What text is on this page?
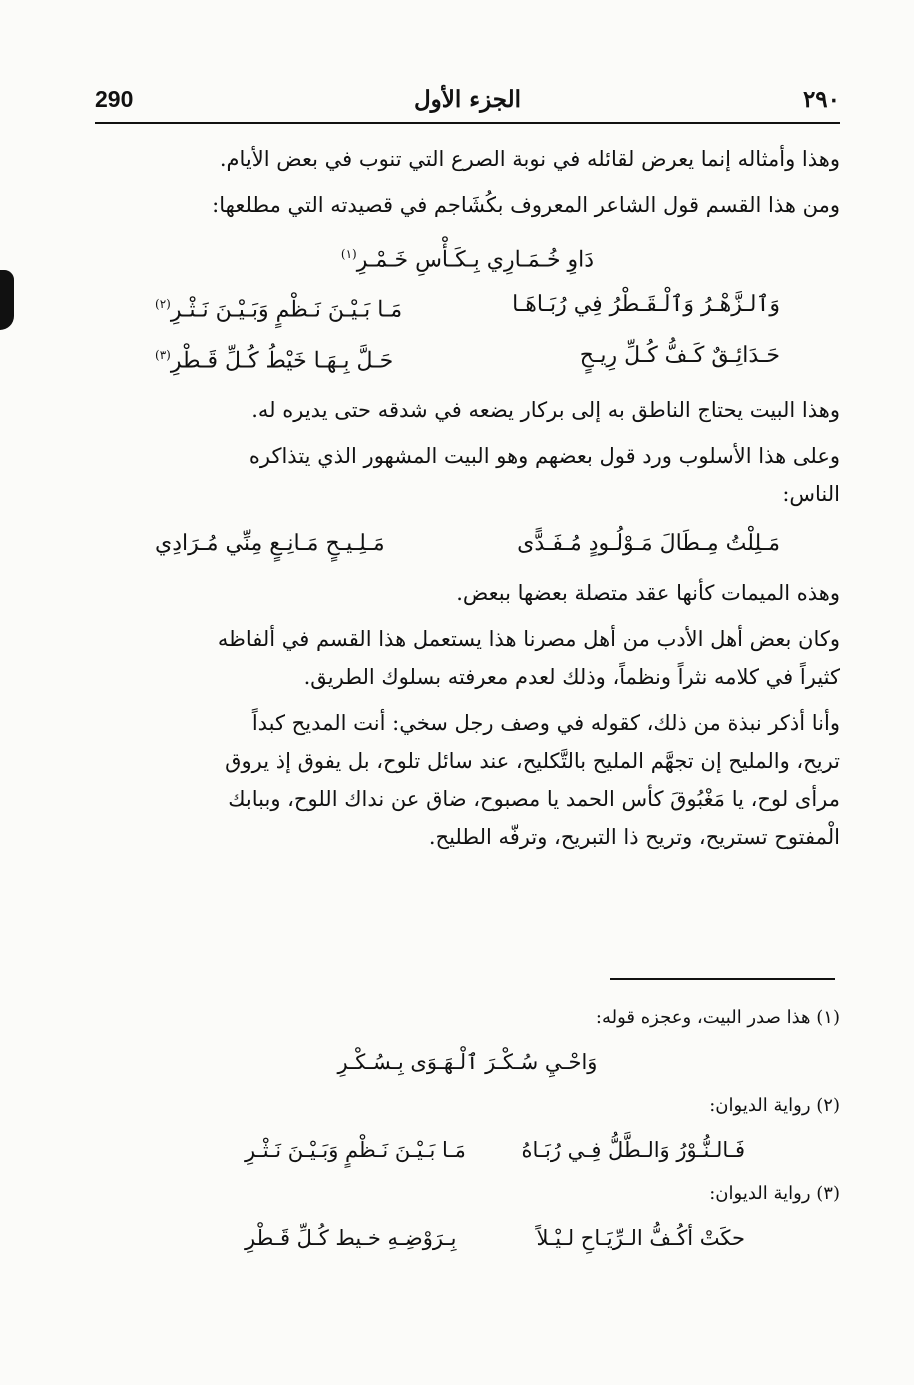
٢٩٠
الجزء الأول
290
وهذا وأمثاله إنما يعرض لقائله في نوبة الصرع التي تنوب في بعض الأيام.
ومن هذا القسم قول الشاعر المعروف بكُشَاجم في قصيدته التي مطلعها:
دَاوِ خُـمَـارِي بِـكَـأْسِ خَـمْـرِ$^{(١)}$
وَٱلـزَّهْـرُ وَٱلْـقَـطْرُ فِي رُبَـاهَـا
مَـا بَـيْـنَ نَـظْمٍ وَبَـيْـنَ نَـثْـرِ$^{(٢)}$
حَـدَائِـقٌ كَـفُّ كُـلِّ رِيـحٍ
حَـلَّ بِـهَـا خَيْطُ كُـلِّ قَـطْرِ$^{(٣)}$
وهذا البيت يحتاج الناطق به إلى بركار يضعه في شدقه حتى يديره له.
وعلى هذا الأسلوب ورد قول بعضهم وهو البيت المشهور الذي يتذاكره
الناس:
مَـلِلْتُ مِـطَالَ مَـوْلُـودٍ مُـفَـدًّى
مَـلِـيـحٍ مَـانِـعٍ مِنِّي مُـرَادِي
وهذه الميمات كأنها عقد متصلة بعضها ببعض.
وكان بعض أهل الأدب من أهل مصرنا هذا يستعمل هذا القسم في ألفاظه
كثيراً في كلامه نثراً ونظماً، وذلك لعدم معرفته بسلوك الطريق.
وأنا أذكر نبذة من ذلك، كقوله في وصف رجل سخي: أنت المديح كبداً
تريح، والمليح إن تجهَّم المليح بالتَّكليح، عند سائل تلوح، بل يفوق إذ يروق
مرأى لوح، يا مَغْبُوقَ كأس الحمد يا مصبوح، ضاق عن نداك اللوح، وببابك
الْمفتوح تستريح، وتريح ذا التبريح، وترفّه الطليح.
(١) هذا صدر البيت، وعجزه قوله:
وَاحْـيِ سُـكْـرَ ٱلْـهَـوَى بِـسُـكْـرِ
(٢) رواية الديوان:
فَـالـنُّـوْرُ وَالـطَّلُّ فِـي رُبَـاهُ
مَـا بَـيْـنَ نَـظْمٍ وَبَـيْـنَ نَـثْـرِ
(٣) رواية الديوان:
حكَتْ أكُـفُّ الـرِّيَـاحِ لـيْـلاً
بِـرَوْضِـهِ خـيط كُـلِّ قَـطْرِ
